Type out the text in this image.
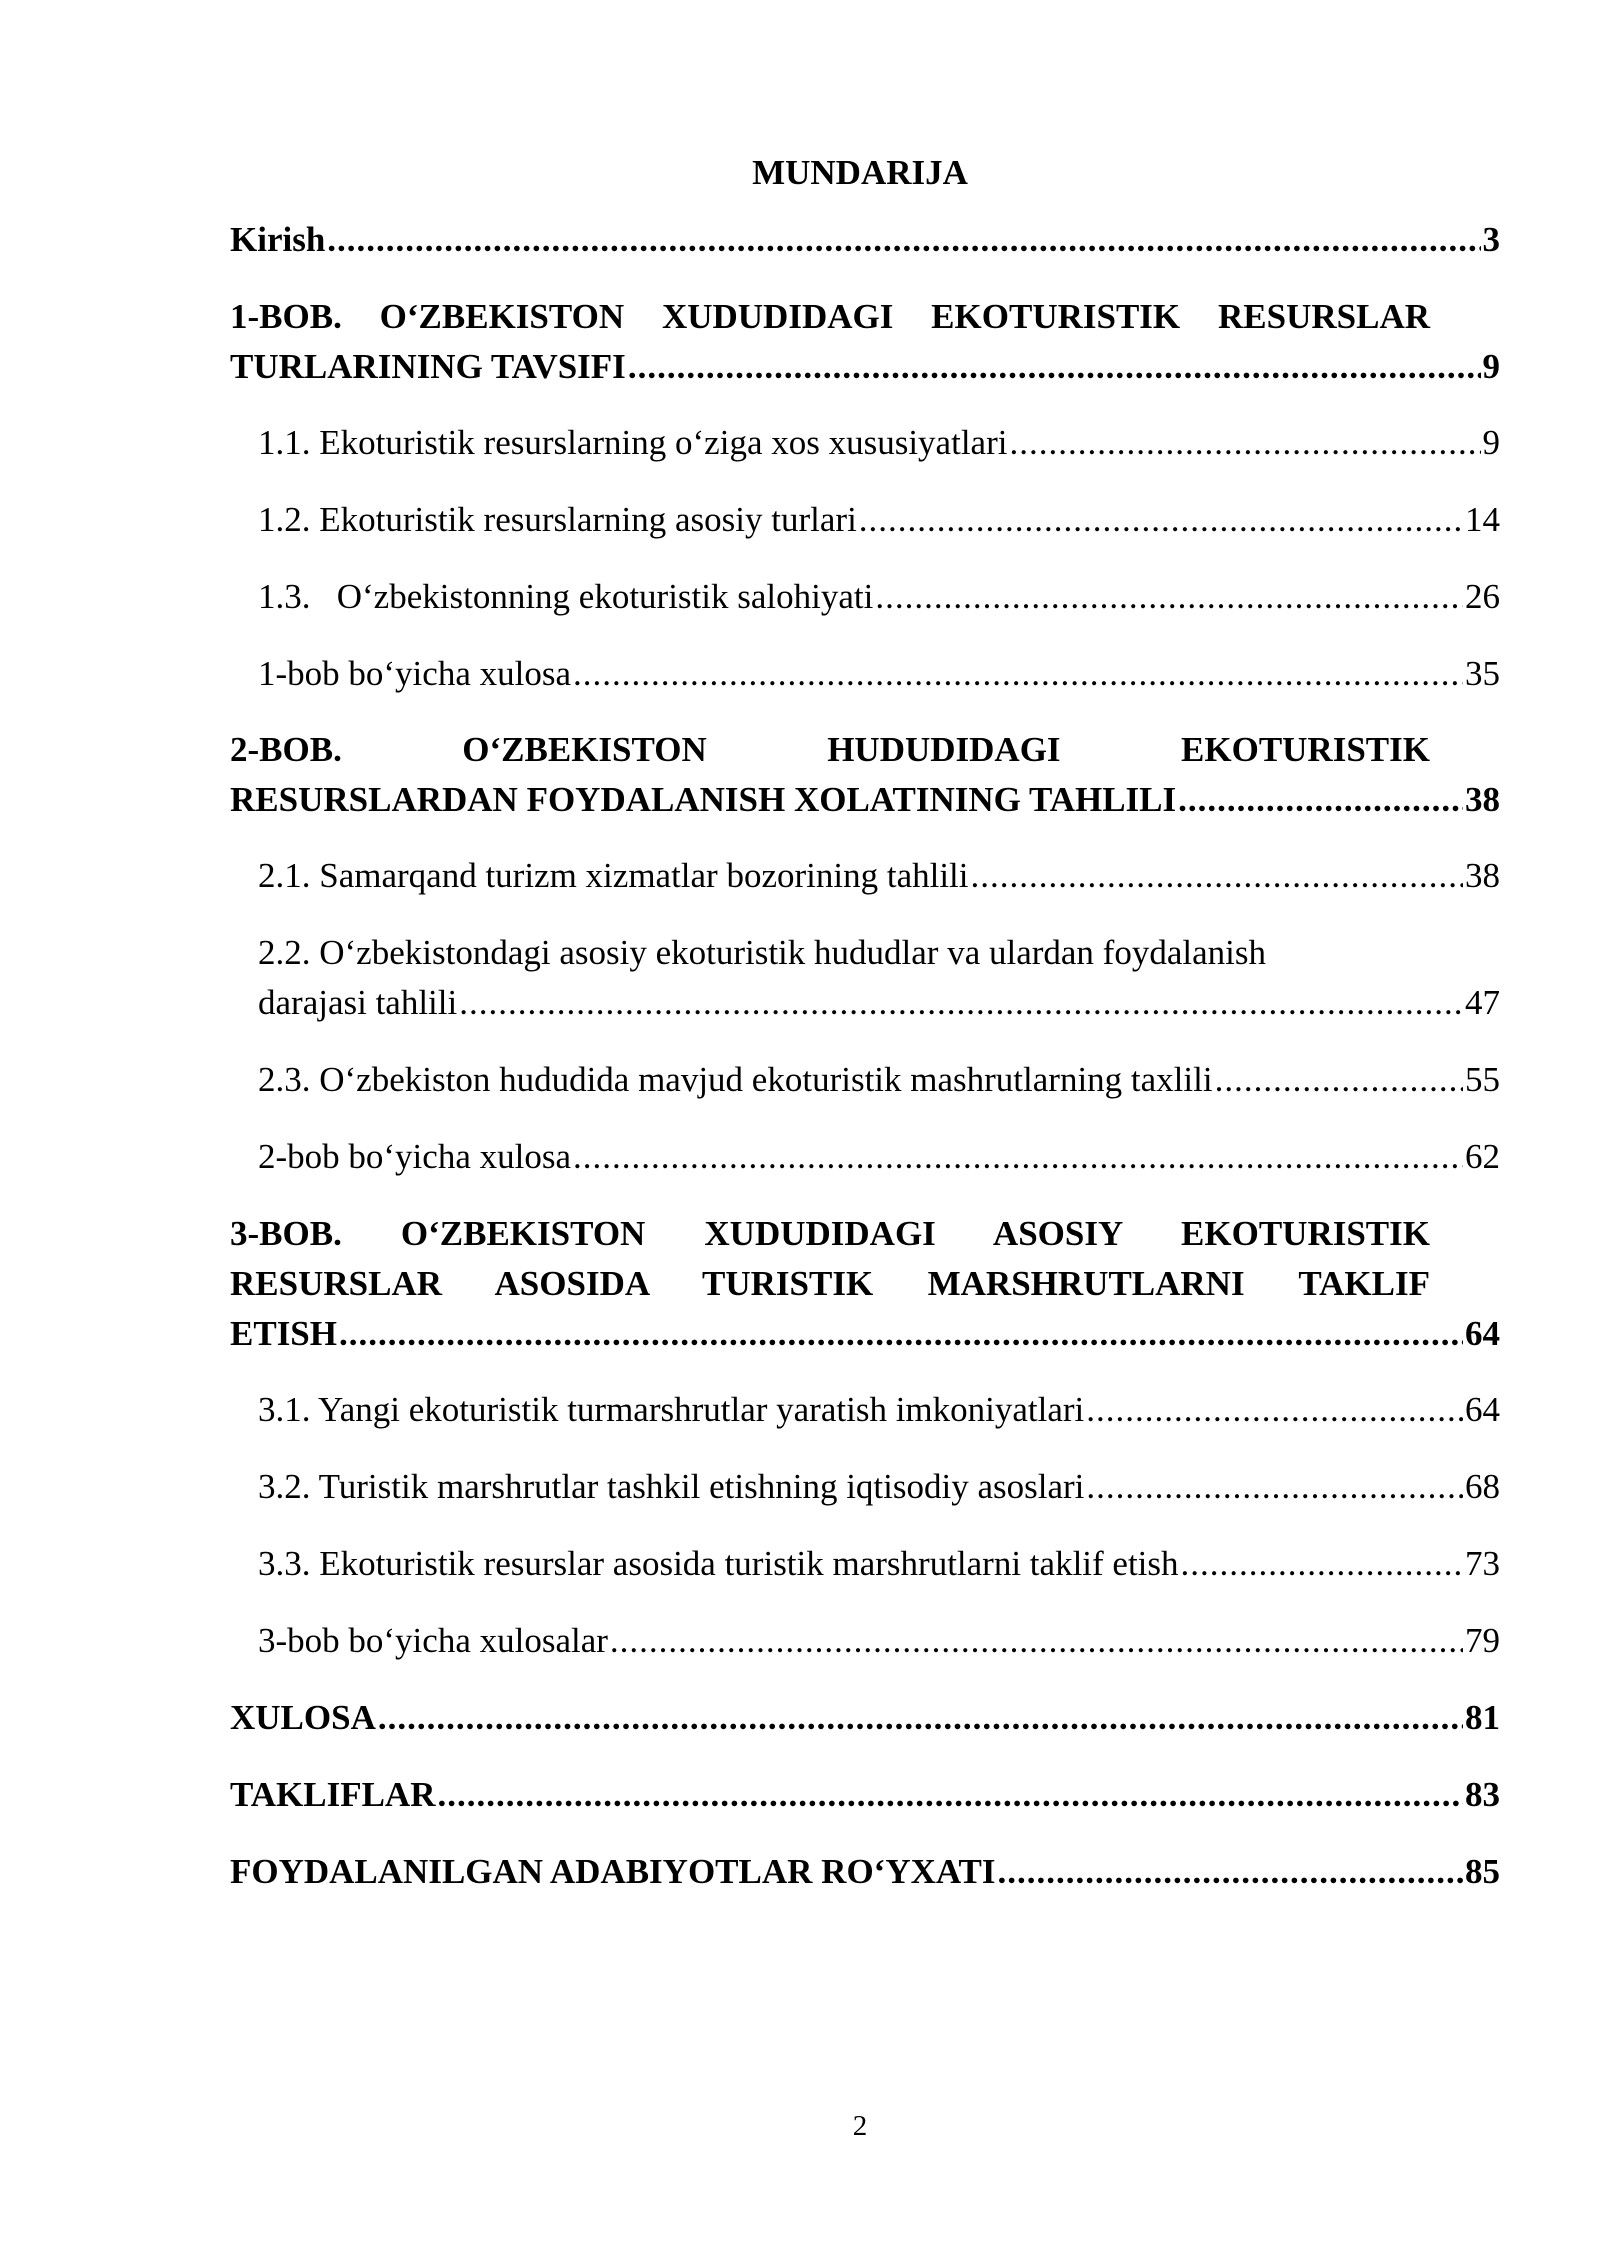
MUNDARIJA
Kirish .....	3
1-BOB. O‘ZBEKISTON XUDUDIDAGI EKOTURISTIK RESURSLAR
TURLARINING TAVSIFI .....	9
1.1. Ekoturistik resurslarning o‘ziga xos xususiyatlari .....	9
1.2. Ekoturistik resurslarning asosiy turlari .....	14
1.3.   O‘zbekistonning ekoturistik salohiyati .....	26
1-bob bo‘yicha xulosa .....	35
2-BOB. O‘ZBEKISTON HUDUDIDAGI EKOTURISTIK
RESURSLARDAN FOYDALANISH XOLATINING TAHLILI .....	38
2.1. Samarqand turizm xizmatlar bozorining tahlili .....	38
2.2. O‘zbekistondagi asosiy ekoturistik hududlar va ulardan foydalanish
darajasi tahlili .....	47
2.3. O‘zbekiston hududida mavjud ekoturistik mashrutlarning taxlili .....	55
2-bob bo‘yicha xulosa .....	62
3-BOB. O‘ZBEKISTON XUDUDIDAGI ASOSIY EKOTURISTIK
RESURSLAR ASOSIDA TURISTIK MARSHRUTLARNI TAKLIF
ETISH .....	64
3.1. Yangi ekoturistik turmarshrutlar yaratish imkoniyatlari .....	64
3.2. Turistik marshrutlar tashkil etishning iqtisodiy asoslari .....	68
3.3. Ekoturistik resurslar asosida turistik marshrutlarni taklif etish .....	73
3-bob bo‘yicha xulosalar .....	79
XULOSA .....	81
TAKLIFLAR .....	83
FOYDALANILGAN ADABIYOTLAR RO‘YXATI .....	85
2
